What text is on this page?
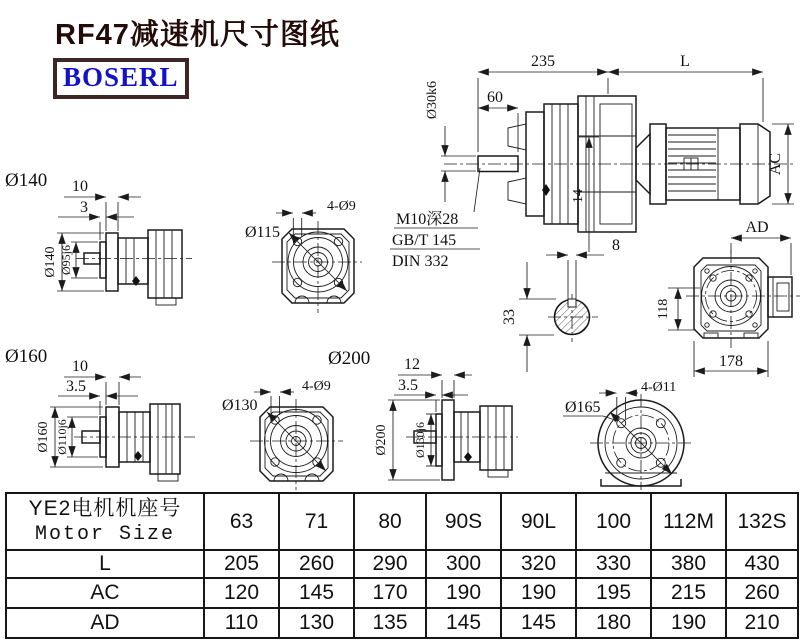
RF47减速机尺寸图纸
BOSERL
235	L
60
Ø30k6
14
AC
M10深28
GB/T 145
DIN 332
8
33
AD
118
178
Ø140 10
3
Ø140 Ø95j6
Ø115
4-Ø9
Ø160 10
3.5
Ø160 Ø110j6
Ø130
4-Ø9
Ø200 12
3.5
Ø200 Ø130j6
Ø165
4-Ø11
YE2电机机座号
Motor Size	63	71	80	90S	90L	100	112M	132S
L	205	260	290	300	320	330	380	430
AC	120	145	170	190	190	195	215	260
AD	110	130	135	145	145	180	190	210
